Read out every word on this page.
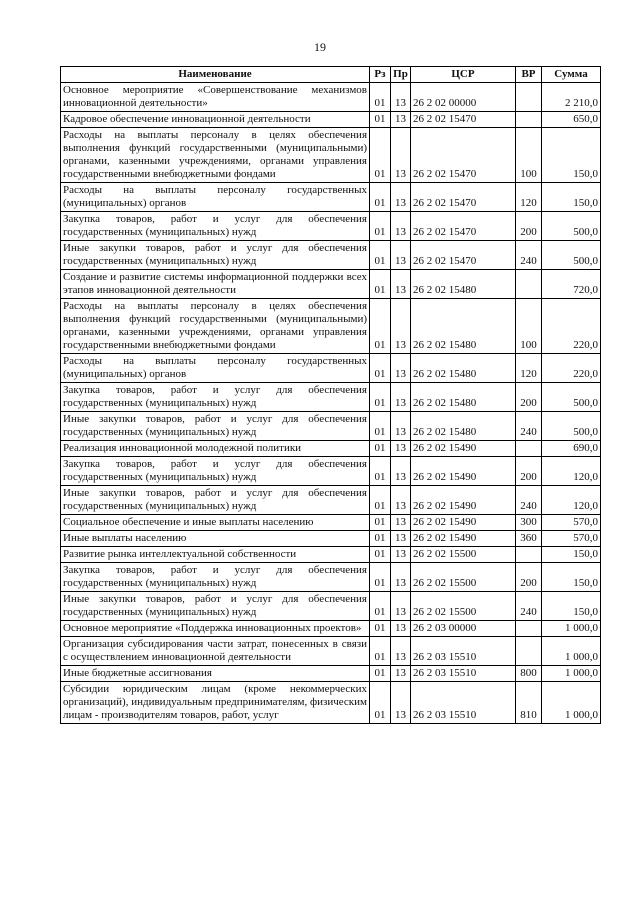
19
Наименование	Рз	Пр	ЦСР	ВР	Сумма
Основное мероприятие «Совершенствование механизмов инновационной деятельности»	01	13	26 2 02 00000		2 210,0
Кадровое обеспечение инновационной деятельности	01	13	26 2 02 15470		650,0
Расходы на выплаты персоналу в целях обеспечения выполнения функций государственными (муниципальными) органами, казенными учреждениями, органами управления государственными внебюджетными фондами	01	13	26 2 02 15470	100	150,0
Расходы на выплаты персоналу государственных (муниципальных) органов	01	13	26 2 02 15470	120	150,0
Закупка товаров, работ и услуг для обеспечения государственных (муниципальных) нужд	01	13	26 2 02 15470	200	500,0
Иные закупки товаров, работ и услуг для обеспечения государственных (муниципальных) нужд	01	13	26 2 02 15470	240	500,0
Создание и развитие системы информационной поддержки всех этапов инновационной деятельности	01	13	26 2 02 15480		720,0
Расходы на выплаты персоналу в целях обеспечения выполнения функций государственными (муниципальными) органами, казенными учреждениями, органами управления государственными внебюджетными фондами	01	13	26 2 02 15480	100	220,0
Расходы на выплаты персоналу государственных (муниципальных) органов	01	13	26 2 02 15480	120	220,0
Закупка товаров, работ и услуг для обеспечения государственных (муниципальных) нужд	01	13	26 2 02 15480	200	500,0
Иные закупки товаров, работ и услуг для обеспечения государственных (муниципальных) нужд	01	13	26 2 02 15480	240	500,0
Реализация инновационной молодежной политики	01	13	26 2 02 15490		690,0
Закупка товаров, работ и услуг для обеспечения государственных (муниципальных) нужд	01	13	26 2 02 15490	200	120,0
Иные закупки товаров, работ и услуг для обеспечения государственных (муниципальных) нужд	01	13	26 2 02 15490	240	120,0
Социальное обеспечение и иные выплаты населению	01	13	26 2 02 15490	300	570,0
Иные выплаты населению	01	13	26 2 02 15490	360	570,0
Развитие рынка интеллектуальной собственности	01	13	26 2 02 15500		150,0
Закупка товаров, работ и услуг для обеспечения государственных (муниципальных) нужд	01	13	26 2 02 15500	200	150,0
Иные закупки товаров, работ и услуг для обеспечения государственных (муниципальных) нужд	01	13	26 2 02 15500	240	150,0
Основное мероприятие «Поддержка инновационных проектов»	01	13	26 2 03 00000		1 000,0
Организация субсидирования части затрат, понесенных в связи с осуществлением инновационной деятельности	01	13	26 2 03 15510		1 000,0
Иные бюджетные ассигнования	01	13	26 2 03 15510	800	1 000,0
Субсидии юридическим лицам (кроме некоммерческих организаций), индивидуальным предпринимателям, физическим лицам - производителям товаров, работ, услуг	01	13	26 2 03 15510	810	1 000,0
